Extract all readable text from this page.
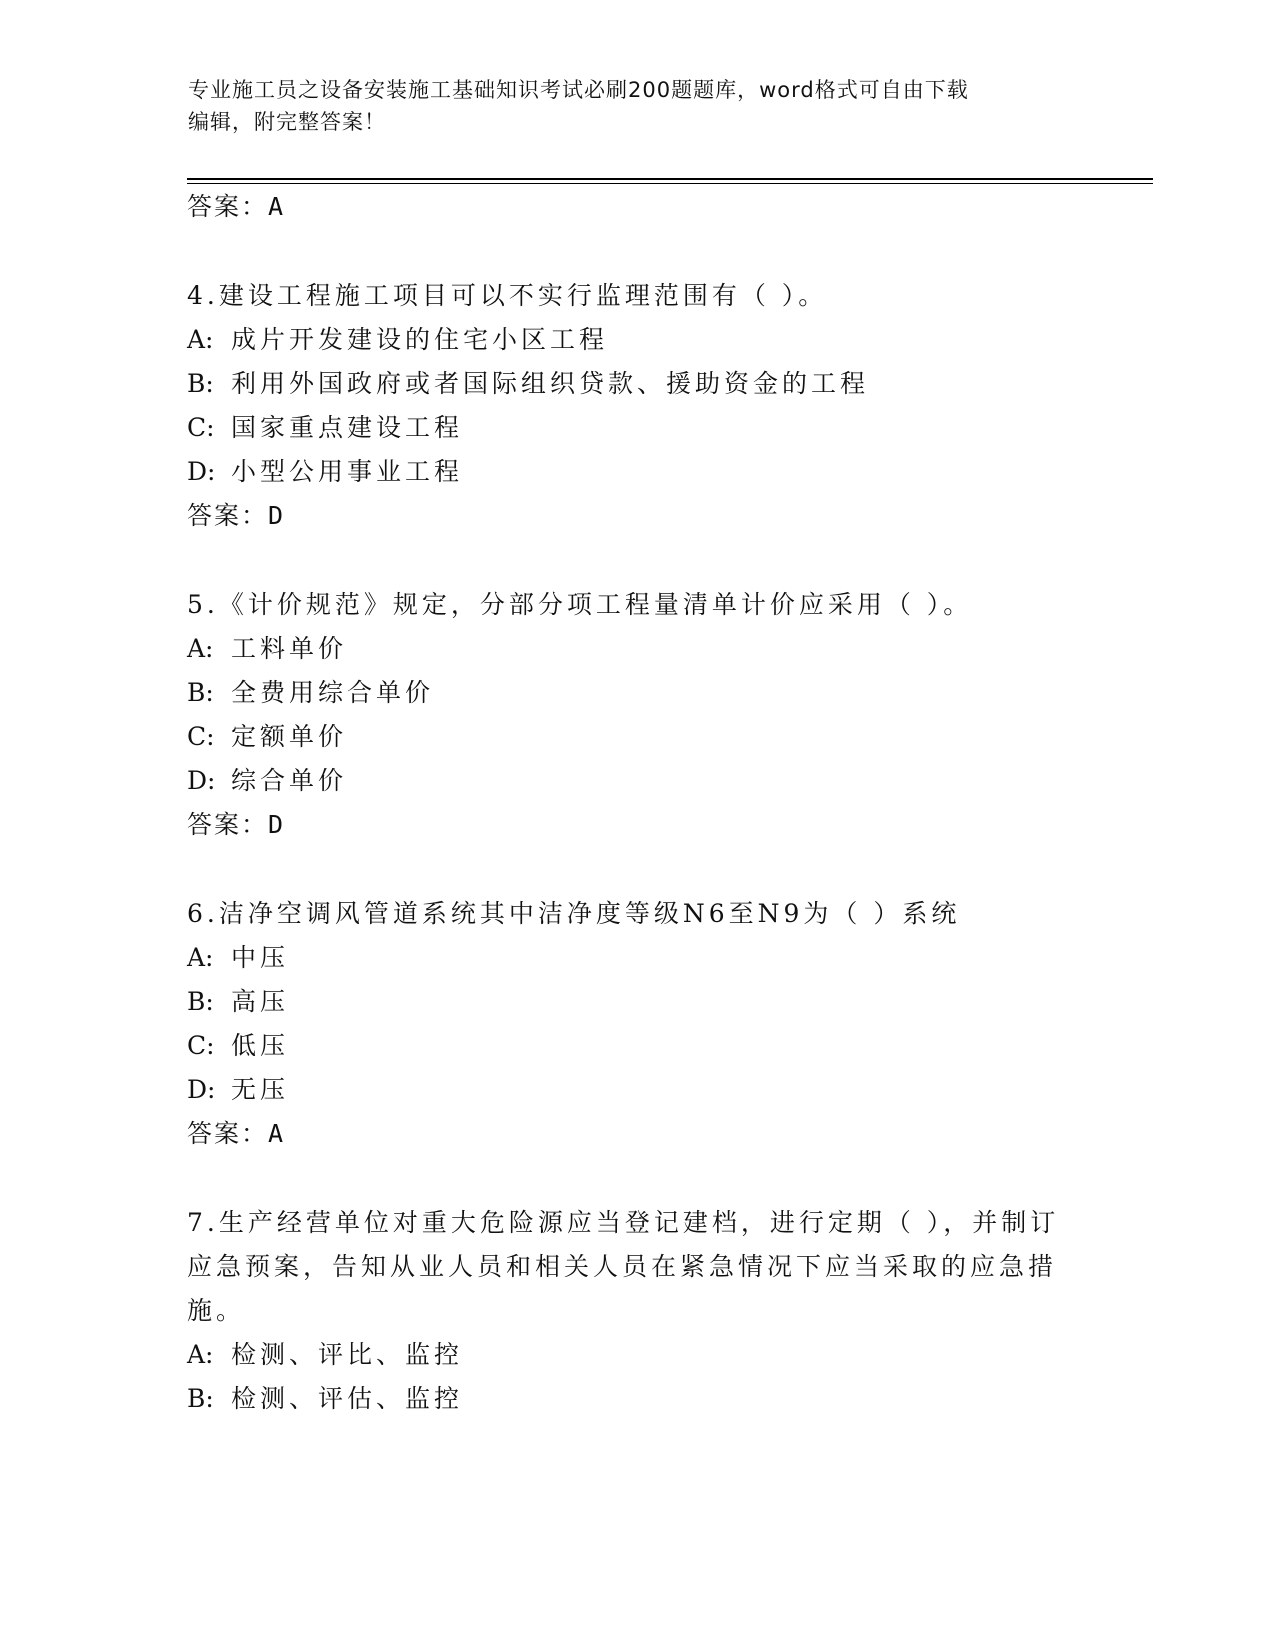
专业施工员之设备安装施工基础知识考试必刷200题题库，word格式可自由下载
编辑，附完整答案！
答案：A
4.建设工程施工项目可以不实行监理范围有（ ）。
A: 成片开发建设的住宅小区工程
B: 利用外国政府或者国际组织贷款、援助资金的工程
C: 国家重点建设工程
D: 小型公用事业工程
答案：D
5.《计价规范》规定，分部分项工程量清单计价应采用（ ）。
A: 工料单价
B: 全费用综合单价
C: 定额单价
D: 综合单价
答案：D
6.洁净空调风管道系统其中洁净度等级N6至N9为（ ）系统
A: 中压
B: 高压
C: 低压
D: 无压
答案：A
7.生产经营单位对重大危险源应当登记建档，进行定期（ ），并制订
应急预案，告知从业人员和相关人员在紧急情况下应当采取的应急措
施。
A: 检测、评比、监控
B: 检测、评估、监控
